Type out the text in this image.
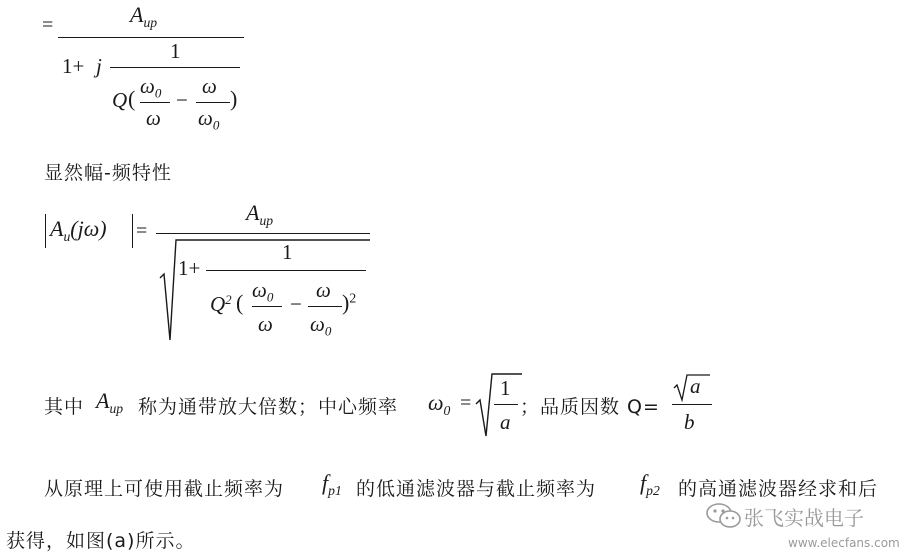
=	$A_{up}$
1+ j
1
Q ( $\omega_0$
ω
−
ω
$\omega_0$
)
显然幅-频特性
$A_u(j\omega)$ =
$A_{up}$
1+
1
$Q^2$ ( $\omega_0$
ω
−
ω
$\omega_0$
)$^2$
其中 $A_{up}$ 称为通带放大倍数；中心频率 $\omega_0$ =
1
a
；品质因数 Q=
a
b
从原理上可使用截止频率为 $f_{p1}$ 的低通滤波器与截止频率为 $f_{p2}$ 的高通滤波器经求和后
获得，如图(a)所示。
张飞实战电子
www.elecfans.com
